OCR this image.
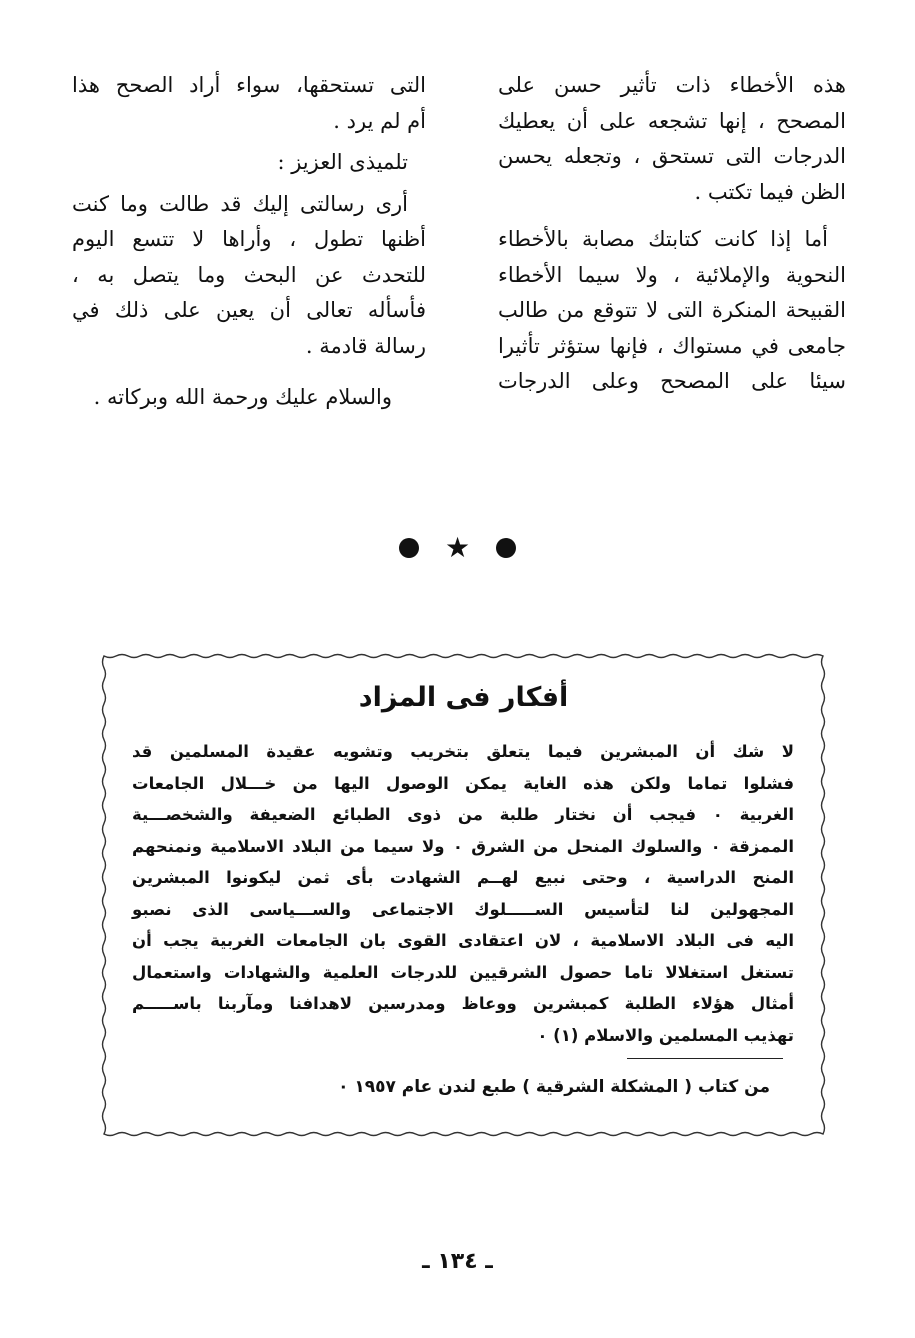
هذه الأخطاء ذات تأثير حسن على
المصحح ، إنها تشجعه على أن يعطيك
الدرجات التى تستحق ، وتجعله يحسن
الظن فيما تكتب .

أما إذا كانت كتابتك مصابة بالأخطاء
النحوية والإملائية ، ولا سيما الأخطاء
القبيحة المنكرة التى لا تتوقع من طالب
جامعى في مستواك ، فإنها ستؤثر تأثيرا
سيئا على المصحح وعلى الدرجات

التى تستحقها، سواء أراد الصحح هذا
أم لم يرد .

تلميذى العزيز :

أرى رسالتى إليك قد طالت وما كنت
أظنها تطول ، وأراها لا تتسع اليوم
للتحدث عن البحث وما يتصل به ،
فأسأله تعالى أن يعين على ذلك في
رسالة قادمة .

والسلام عليك ورحمة الله وبركاته .

★
أفكار فى المزاد
لا شك أن المبشرين فيما يتعلق بتخريب وتشويه عقيدة المسلمين قد
فشلوا تماما ولكن هذه الغاية يمكن الوصول اليها من خـــلال الجامعات
الغربية ٠ فيجب أن نختار طلبة من ذوى الطبائع الضعيفة والشخصـــية
الممزقة ٠ والسلوك المنحل من الشرق ٠ ولا سيما من البلاد الاسلامية ونمنحهم
المنح الدراسية ، وحتى نبيع لهــم الشهادت بأى ثمن ليكونوا المبشرين
المجهولين لنا لتأسيس الســـــلوك الاجتماعى والســـياسى الذى نصبو
اليه فى البلاد الاسلامية ، لان اعتقادى القوى بان الجامعات الغربية يجب أن
تستغل استغلالا تاما حصول الشرقيين للدرجات العلمية والشهادات واستعمال
أمثال هؤلاء الطلبة كمبشرين ووعاظ ومدرسين لاهدافنا ومآربنا باســـــم
تهذيب المسلمين والاسلام (١) ٠
من كتاب ( المشكلة الشرقية ) طبع لندن عام ١٩٥٧ ٠
ـ ١٣٤ ـ
